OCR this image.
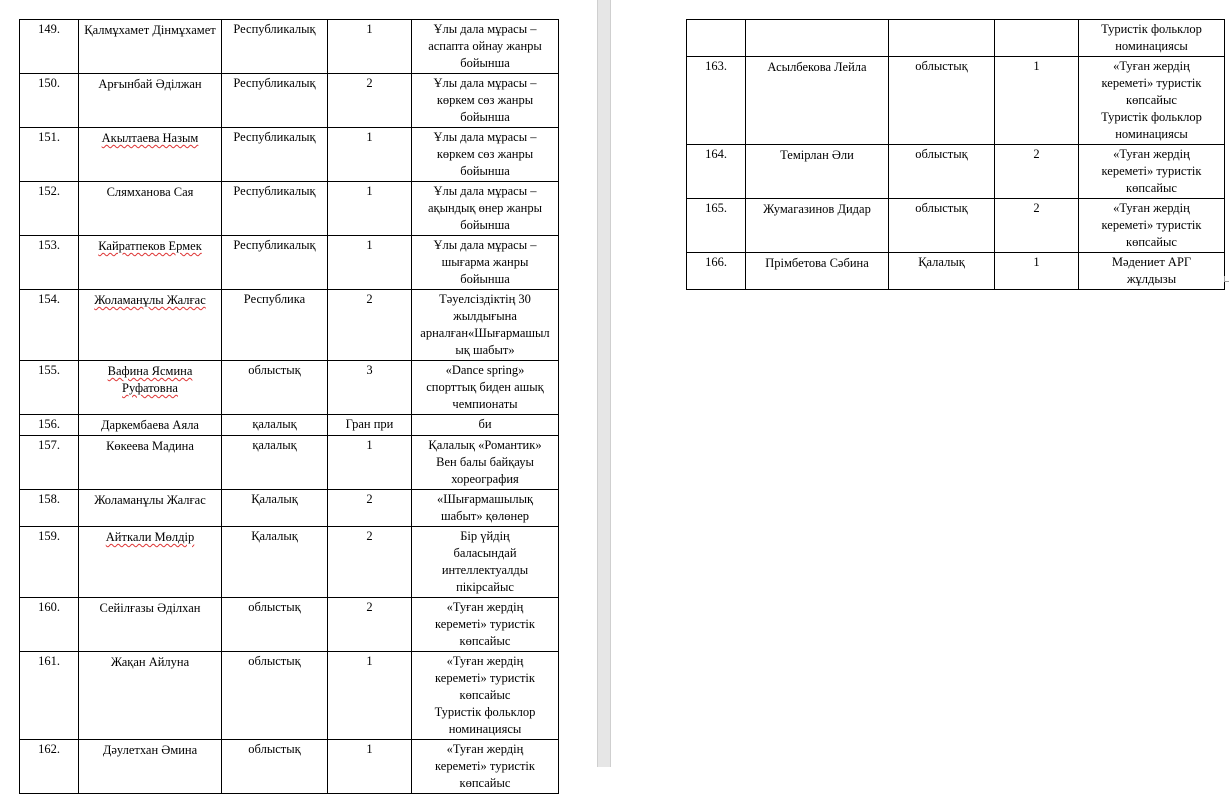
149.	Қалмұхамет Дінмұхамет	Республикалық	1	Ұлы дала мұрасы –
аспапта ойнау жанры
бойынша
150.	Арғынбай Әділжан	Республикалық	2	Ұлы дала мұрасы –
көркем сөз жанры
бойынша
151.	Акылтаева Назым	Республикалық	1	Ұлы дала мұрасы –
көркем сөз жанры
бойынша
152.	Слямханова Сая	Республикалық	1	Ұлы дала мұрасы –
ақындық өнер жанры
бойынша
153.	Кайратпеков Ермек	Республикалық	1	Ұлы дала мұрасы –
шығарма жанры
бойынша
154.	Жоламанұлы Жалғас	Республика	2	Тәуелсіздіктің 30
жылдығына
арналған«Шығармашыл
ық шабыт»
155.	Вафина Ясмина Руфатовна	облыстық	3	«Dance spring»
спорттық биден ашық
чемпионаты
156.	Даркембаева Аяла	қалалық	Гран при	би
157.	Көкеева Мадина	қалалық	1	Қалалық «Романтик»
Вен балы байқауы
хореография
158.	Жоламанұлы Жалғас	Қалалық	2	«Шығармашылық
шабыт» қөлөнер
159.	Айткали Мөлдір	Қалалық	2	Бір үйдің
баласындай
интеллектуалды
пікірсайыс
160.	Сейілғазы Әділхан	облыстық	2	«Туған жердің
кереметі» туристік
көпсайыс
161.	Жақан Айлуна	облыстық	1	«Туған жердің
кереметі» туристік
көпсайыс
Туристік фольклор
номинациясы
162.	Дәулетхан Әмина	облыстық	1	«Туған жердің
кереметі» туристік
көпсайыс
				Туристік фольклор
номинациясы
163.	Асылбекова Лейла	облыстық	1	«Туған жердің
кереметі» туристік
көпсайыс
Туристік фольклор
номинациясы
164.	Темірлан Әли	облыстық	2	«Туған жердің
кереметі» туристік
көпсайыс
165.	Жумагазинов Дидар	облыстық	2	«Туған жердің
кереметі» туристік
көпсайыс
166.	Прімбетова Сәбина	Қалалық	1	Мәдениет АРГ
жұлдызы
